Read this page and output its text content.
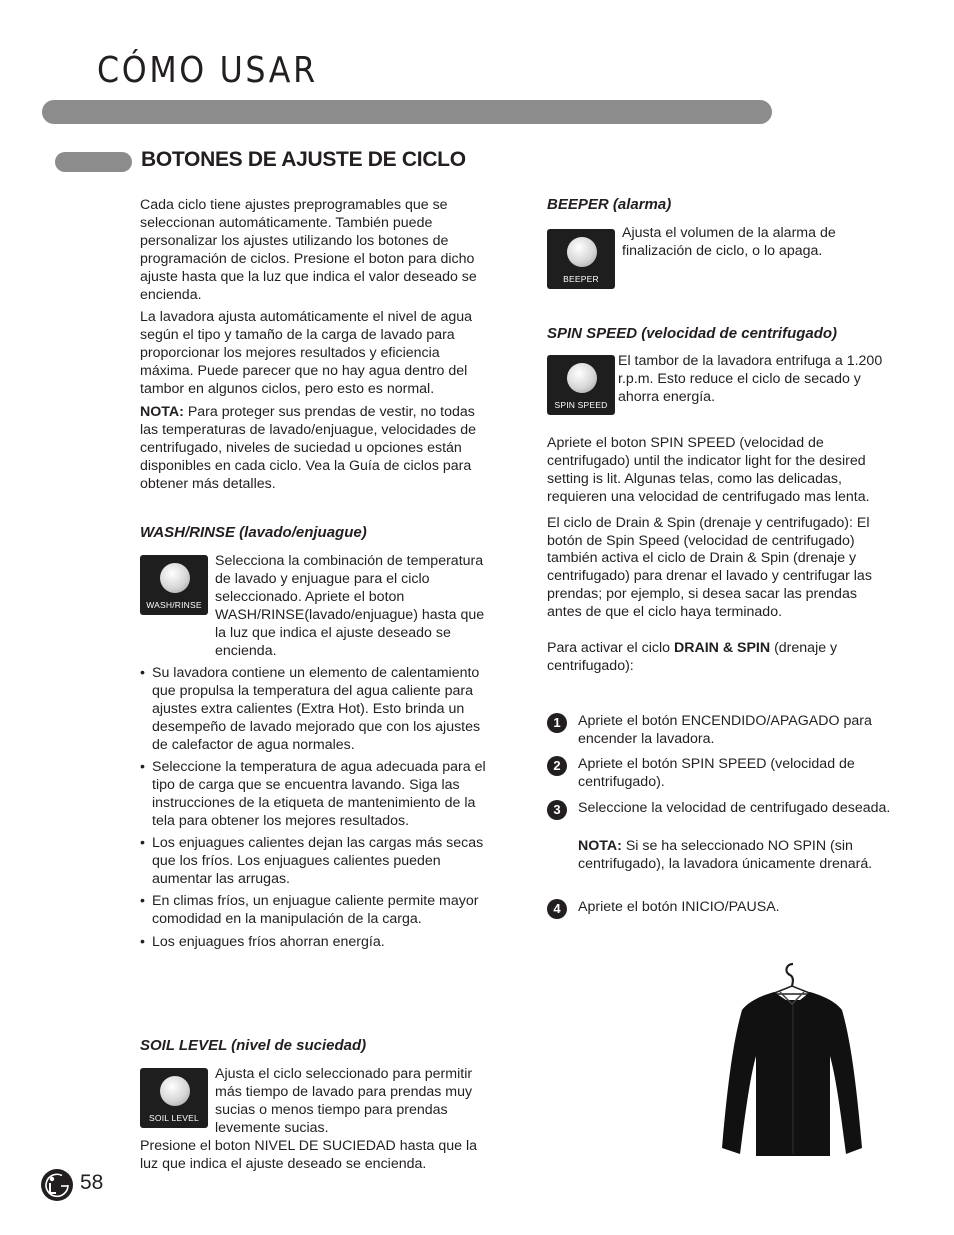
CÓMO USAR
BOTONES DE AJUSTE DE CICLO

Cada ciclo tiene ajustes preprogramables que se seleccionan automáticamente. También puede personalizar los ajustes utilizando los botones de programación de ciclos. Presione el boton para dicho ajuste hasta que la luz que indica el valor deseado se encienda.

La lavadora ajusta automáticamente el nivel de agua según el tipo y tamaño de la carga de lavado para proporcionar los mejores resultados y eficiencia máxima. Puede parecer que no hay agua dentro del tambor en algunos ciclos, pero esto es normal.

NOTA: Para proteger sus prendas de vestir, no todas las temperaturas de lavado/enjuague, velocidades de centrifugado, niveles de suciedad u opciones están disponibles en cada ciclo. Vea la Guía de ciclos para obtener más detalles.

WASH/RINSE (lavado/enjuague)
WASH/RINSE

Selecciona la combinación de temperatura de lavado y enjuague para el ciclo seleccionado. Apriete el boton WASH/RINSE(lavado/enjuague) hasta que la luz que indica el ajuste deseado se encienda.

• Su lavadora contiene un elemento de calentamiento que propulsa la temperatura del agua caliente para ajustes extra calientes (Extra Hot). Esto brinda un desempeño de lavado mejorado que con los ajustes de calefactor de agua normales.
• Seleccione la temperatura de agua adecuada para el tipo de carga que se encuentra lavando. Siga las instrucciones de la etiqueta de mantenimiento de la tela para obtener los mejores resultados.
• Los enjuagues calientes dejan las cargas más secas que los fríos. Los enjuagues calientes pueden aumentar las arrugas.
• En climas fríos, un enjuague caliente permite mayor comodidad en la manipulación de la carga.
• Los enjuagues fríos ahorran energía.
SOIL LEVEL (nivel de suciedad)
SOIL LEVEL

Ajusta el ciclo seleccionado para permitir más tiempo de lavado para prendas muy sucias o menos tiempo para prendas levemente sucias.

Presione el boton NIVEL DE SUCIEDAD hasta que la luz que indica el ajuste deseado se encienda.

BEEPER (alarma)
BEEPER

Ajusta el volumen de la alarma de finalización de ciclo, o lo apaga.

SPIN SPEED (velocidad de centrifugado)
SPIN SPEED

El tambor de la lavadora entrifuga a 1.200 r.p.m. Esto reduce el ciclo de secado y ahorra energía.

Apriete el boton SPIN SPEED (velocidad de centrifugado) until the indicator light for the desired setting is lit. Algunas telas, como las delicadas, requieren una velocidad de centrifugado mas lenta.

El ciclo de Drain & Spin (drenaje y centrifugado): El botón de Spin Speed (velocidad de centrifugado) también activa el ciclo de Drain & Spin (drenaje y centrifugado) para drenar el lavado y centrifugar las prendas; por ejemplo, si desea sacar las prendas antes de que el ciclo haya terminado.

Para activar el ciclo DRAIN & SPIN (drenaje y centrifugado):

1	Apriete el botón ENCENDIDO/APAGADO para encender la lavadora.
2	Apriete el botón SPIN SPEED (velocidad de centrifugado).
3	Seleccione la velocidad de centrifugado deseada.

NOTA: Si se ha seleccionado NO SPIN (sin centrifugado), la lavadora únicamente drenará.

4	Apriete el botón INICIO/PAUSA.
58
